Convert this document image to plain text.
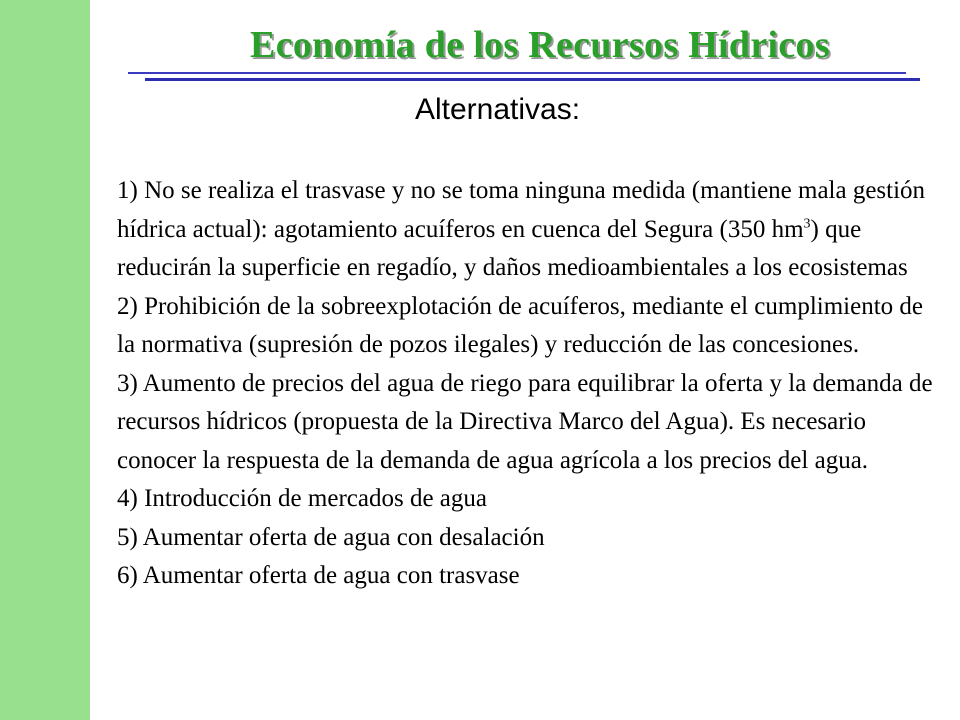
Economía de los Recursos Hídricos
Alternativas:

1) No se realiza el trasvase y no se toma ninguna medida (mantiene mala gestión hídrica actual): agotamiento acuíferos en cuenca del Segura (350 $hm^3$) que reducirán la superficie en regadío, y daños medioambientales a los ecosistemas

2) Prohibición de la sobreexplotación de acuíferos, mediante el cumplimiento de la normativa (supresión de pozos ilegales) y reducción de las concesiones.

3) Aumento de precios del agua de riego para equilibrar la oferta y la demanda de recursos hídricos (propuesta de la Directiva Marco del Agua). Es necesario conocer la respuesta de la demanda de agua agrícola a los precios del agua.

4) Introducción de mercados de agua

5) Aumentar oferta de agua con desalación

6) Aumentar oferta de agua con trasvase
